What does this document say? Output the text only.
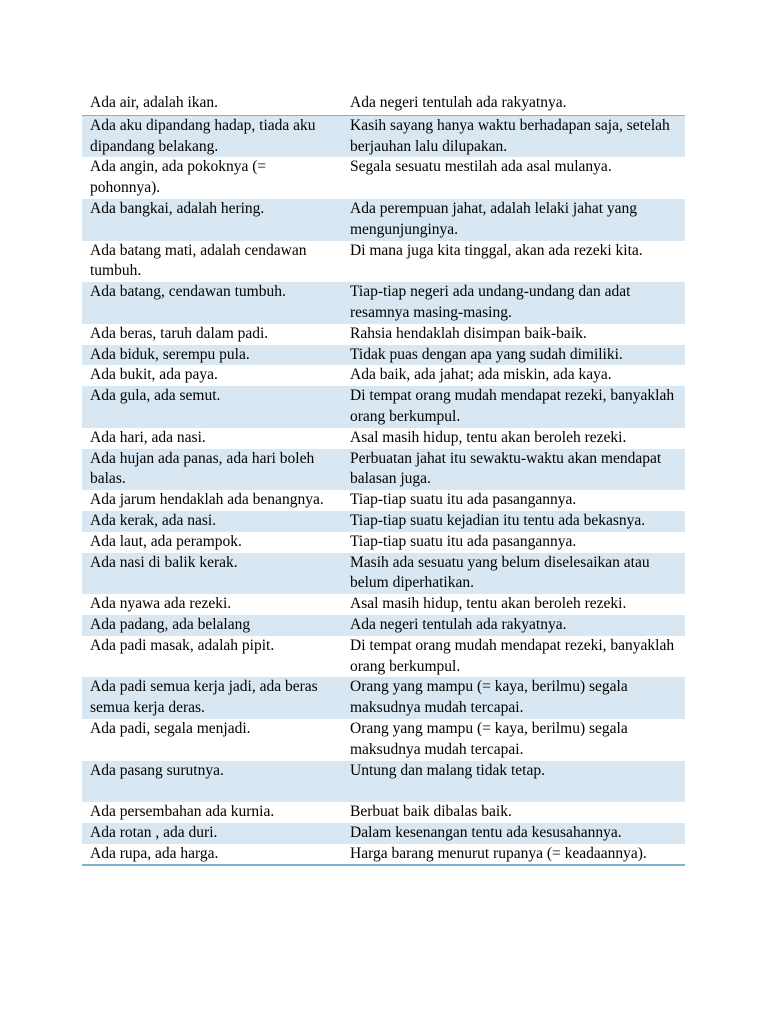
Ada air, adalah ikan.	Ada negeri tentulah ada rakyatnya.
Ada aku dipandang hadap, tiada aku dipandang belakang.	Kasih sayang hanya waktu berhadapan saja, setelah berjauhan lalu dilupakan.
Ada angin, ada pokoknya (= pohonnya).	Segala sesuatu mestilah ada asal mulanya.
Ada bangkai, adalah hering.	Ada perempuan jahat, adalah lelaki jahat yang mengunjunginya.
Ada batang mati, adalah cendawan tumbuh.	Di mana juga kita tinggal, akan ada rezeki kita.
Ada batang, cendawan tumbuh.	Tiap-tiap negeri ada undang-undang dan adat resamnya masing-masing.
Ada beras, taruh dalam padi.	Rahsia hendaklah disimpan baik-baik.
Ada biduk, serempu pula.	Tidak puas dengan apa yang sudah dimiliki.
Ada bukit, ada paya.	Ada baik, ada jahat; ada miskin, ada kaya.
Ada gula, ada semut.	Di tempat orang mudah mendapat rezeki, banyaklah orang berkumpul.
Ada hari, ada nasi.	Asal masih hidup, tentu akan beroleh rezeki.
Ada hujan ada panas, ada hari boleh balas.	Perbuatan jahat itu sewaktu-waktu akan mendapat balasan juga.
Ada jarum hendaklah ada benangnya.	Tiap-tiap suatu itu ada pasangannya.
Ada kerak, ada nasi.	Tiap-tiap suatu kejadian itu tentu ada bekasnya.
Ada laut, ada perampok.	Tiap-tiap suatu itu ada pasangannya.
Ada nasi di balik kerak.	Masih ada sesuatu yang belum diselesaikan atau belum diperhatikan.
Ada nyawa ada rezeki.	Asal masih hidup, tentu akan beroleh rezeki.
Ada padang, ada belalang	Ada negeri tentulah ada rakyatnya.
Ada padi masak, adalah pipit.	Di tempat orang mudah mendapat rezeki, banyaklah orang berkumpul.
Ada padi semua kerja jadi, ada beras semua kerja deras.	Orang yang mampu (= kaya, berilmu) segala maksudnya mudah tercapai.
Ada padi, segala menjadi.	Orang yang mampu (= kaya, berilmu) segala maksudnya mudah tercapai.
Ada pasang surutnya.	Untung dan malang tidak tetap.
Ada persembahan ada kurnia.	Berbuat baik dibalas baik.
Ada rotan , ada duri.	Dalam kesenangan tentu ada kesusahannya.
Ada rupa, ada harga.	Harga barang menurut rupanya (= keadaannya).
